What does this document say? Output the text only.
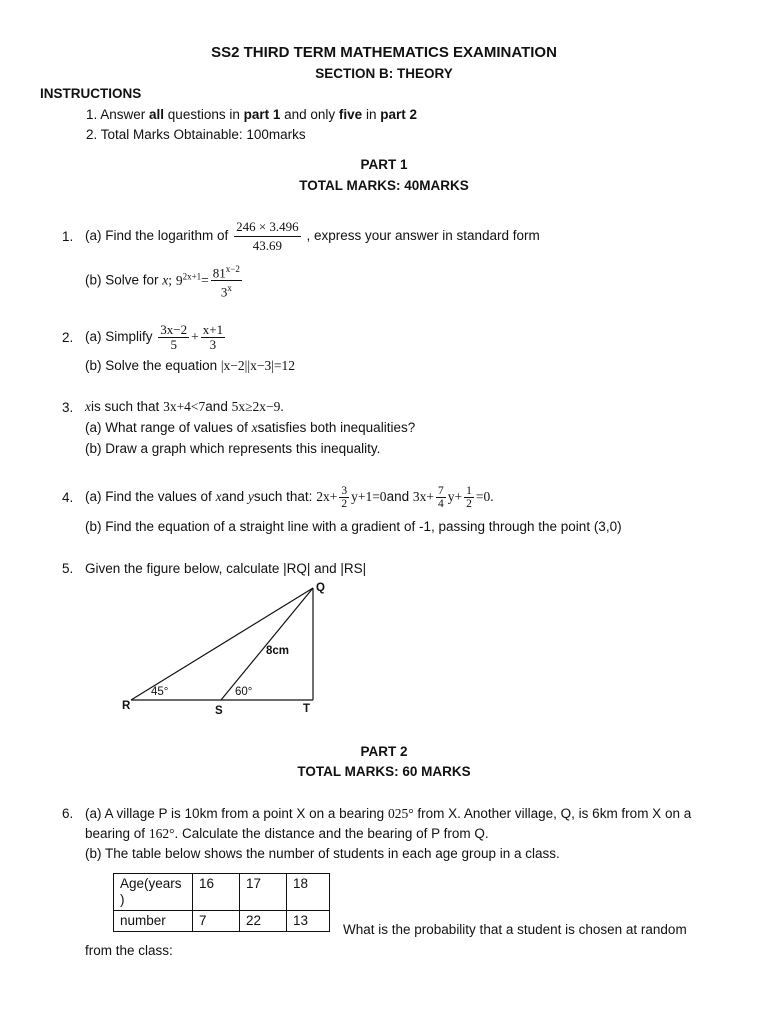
SS2 THIRD TERM MATHEMATICS EXAMINATION
SECTION B: THEORY
INSTRUCTIONS
1. Answer all questions in part 1 and only five in part 2
2. Total Marks Obtainable: 100marks
PART 1
TOTAL MARKS: 40MARKS
1. (a) Find the logarithm of $\frac{246 \times 3.496}{43.69}$ , express your answer in standard form
(b) Solve for x; $9^{2x+1}= \frac{81^{x-2}}{3^x}$
2. (a) Simplify $\frac{3x-2}{5} + \frac{x+1}{3}$
(b) Solve the equation |x−2||x−3|=12
3. xis such that 3x+4<7and 5x≥2x−9.
(a) What range of values of xsatisfies both inequalities?
(b) Draw a graph which represents this inequality.
4. (a) Find the values of xand ysuch that: $2x+ \frac{3}{2} y+1=0and$ $3x+ \frac{7}{4} y+ \frac{1}{2} =0$.
(b) Find the equation of a straight line with a gradient of -1, passing through the point (3,0)
5. Given the figure below, calculate |RQ| and |RS|
Q
R	S	T
8cm
45°	60°
PART 2
TOTAL MARKS: 60 MARKS
6. (a) A village P is 10km from a point X on a bearing 025° from X. Another village, Q, is 6km from X on a
bearing of 162°. Calculate the distance and the bearing of P from Q.
(b) The table below shows the number of students in each age group in a class.
Age(years )	16	17	18
number	7	22	13
What is the probability that a student is chosen at random
from the class:
